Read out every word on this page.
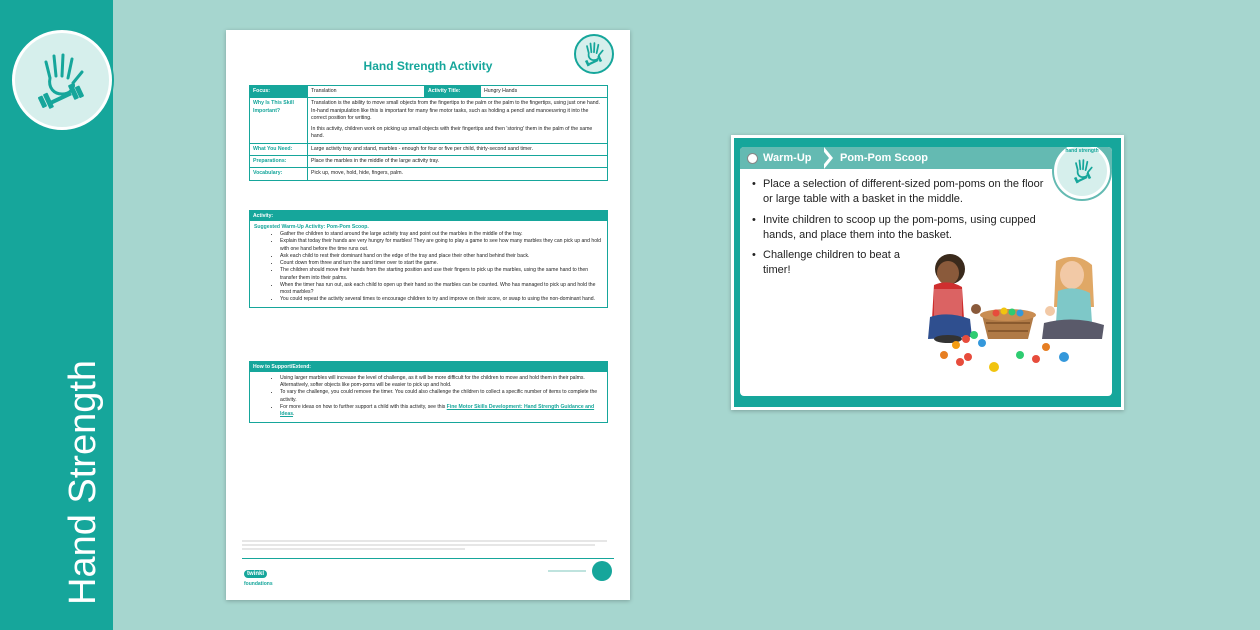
Hand Strength
Hand Strength Activity
Focus:	Translation	Activity Title:	Hungry Hands
Why Is This Skill Important?	Translation is the ability to move small objects from the fingertips to the palm or the palm to the fingertips, using just one hand. In-hand manipulation like this is important for many fine motor tasks, such as holding a pencil and manoeuvring it into the correct position for writing.

In this activity, children work on picking up small objects with their fingertips and then 'storing' them in the palm of the same hand.		

What You Need:	Large activity tray and stand, marbles - enough for four or five per child, thirty-second sand timer.		
Preparations:	Place the marbles in the middle of the large activity tray.		
Vocabulary:	Pick up, move, hold, hide, fingers, palm.		
Activity:
Suggested Warm-Up Activity: Pom-Pom Scoop.
• Gather the children to stand around the large activity tray and point out the marbles in the middle of the tray.
• Explain that today their hands are very hungry for marbles! They are going to play a game to see how many marbles they can pick up and hold with one hand before the time runs out.
• Ask each child to rest their dominant hand on the edge of the tray and place their other hand behind their back.
• Count down from three and turn the sand timer over to start the game.
• The children should move their hands from the starting position and use their fingers to pick up the marbles, using the same hand to then transfer them into their palms.
• When the timer has run out, ask each child to open up their hand so the marbles can be counted. Who has managed to pick up and hold the most marbles?
• You could repeat the activity several times to encourage children to try and improve on their score, or swap to using the non-dominant hand.
How to Support/Extend:
• Using larger marbles will increase the level of challenge, as it will be more difficult for the children to move and hold them in their palms. Alternatively, softer objects like pom-poms will be easier to pick up and hold.
• To vary the challenge, you could remove the timer. You could also challenge the children to collect a specific number of items to complete the activity.
• For more ideas on how to further support a child with this activity, see this Fine Motor Skills Development: Hand Strength Guidance and Ideas.
twinkl
foundations
Warm-Up	Pom-Pom Scoop
hand strength
• Place a selection of different-sized pom-poms on the floor or large table with a basket in the middle.
• Invite children to scoop up the pom-poms, using cupped hands, and place them into the basket.
• Challenge children to beat a timer!
